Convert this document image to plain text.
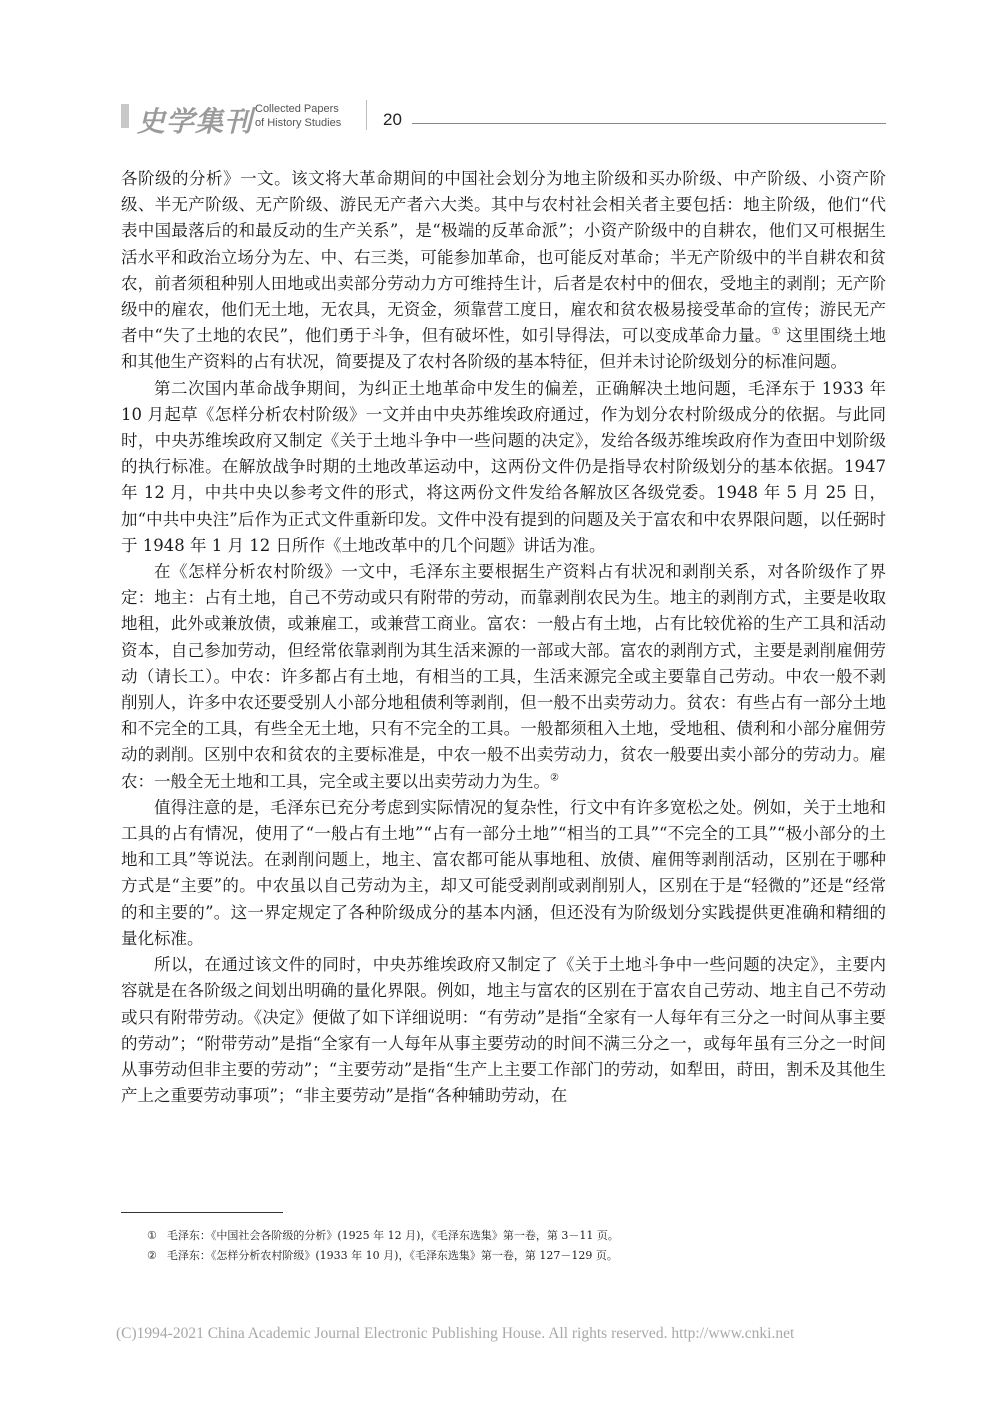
史学集刊 Collected Papers
of History Studies 20

各阶级的分析》一文。该文将大革命期间的中国社会划分为地主阶级和买办阶级、中产阶级、小资产阶级、半无产阶级、无产阶级、游民无产者六大类。其中与农村社会相关者主要包括：地主阶级，他们“代表中国最落后的和最反动的生产关系”，是“极端的反革命派”；小资产阶级中的自耕农，他们又可根据生活水平和政治立场分为左、中、右三类，可能参加革命，也可能反对革命；半无产阶级中的半自耕农和贫农，前者须租种别人田地或出卖部分劳动力方可维持生计，后者是农村中的佃农，受地主的剥削；无产阶级中的雇农，他们无土地，无农具，无资金，须靠营工度日，雇农和贫农极易接受革命的宣传；游民无产者中“失了土地的农民”，他们勇于斗争，但有破坏性，如引导得法，可以变成革命力量。① 这里围绕土地和其他生产资料的占有状况，简要提及了农村各阶级的基本特征，但并未讨论阶级划分的标准问题。

第二次国内革命战争期间，为纠正土地革命中发生的偏差，正确解决土地问题，毛泽东于 1933 年 10 月起草《怎样分析农村阶级》一文并由中央苏维埃政府通过，作为划分农村阶级成分的依据。与此同时，中央苏维埃政府又制定《关于土地斗争中一些问题的决定》，发给各级苏维埃政府作为查田中划阶级的执行标准。在解放战争时期的土地改革运动中，这两份文件仍是指导农村阶级划分的基本依据。1947 年 12 月，中共中央以参考文件的形式，将这两份文件发给各解放区各级党委。1948 年 5 月 25 日，加“中共中央注”后作为正式文件重新印发。文件中没有提到的问题及关于富农和中农界限问题，以任弼时于 1948 年 1 月 12 日所作《土地改革中的几个问题》讲话为准。

在《怎样分析农村阶级》一文中，毛泽东主要根据生产资料占有状况和剥削关系，对各阶级作了界定：地主：占有土地，自己不劳动或只有附带的劳动，而靠剥削农民为生。地主的剥削方式，主要是收取地租，此外或兼放债，或兼雇工，或兼营工商业。富农：一般占有土地，占有比较优裕的生产工具和活动资本，自己参加劳动，但经常依靠剥削为其生活来源的一部或大部。富农的剥削方式，主要是剥削雇佣劳动（请长工）。中农：许多都占有土地，有相当的工具，生活来源完全或主要靠自己劳动。中农一般不剥削别人，许多中农还要受别人小部分地租债利等剥削，但一般不出卖劳动力。贫农：有些占有一部分土地和不完全的工具，有些全无土地，只有不完全的工具。一般都须租入土地，受地租、债利和小部分雇佣劳动的剥削。区别中农和贫农的主要标准是，中农一般不出卖劳动力，贫农一般要出卖小部分的劳动力。雇农：一般全无土地和工具，完全或主要以出卖劳动力为生。②

值得注意的是，毛泽东已充分考虑到实际情况的复杂性，行文中有许多宽松之处。例如，关于土地和工具的占有情况，使用了“一般占有土地”“占有一部分土地”“相当的工具”“不完全的工具”“极小部分的土地和工具”等说法。在剥削问题上，地主、富农都可能从事地租、放债、雇佣等剥削活动，区别在于哪种方式是“主要”的。中农虽以自己劳动为主，却又可能受剥削或剥削别人，区别在于是“轻微的”还是“经常的和主要的”。这一界定规定了各种阶级成分的基本内涵，但还没有为阶级划分实践提供更准确和精细的量化标准。

所以，在通过该文件的同时，中央苏维埃政府又制定了《关于土地斗争中一些问题的决定》，主要内容就是在各阶级之间划出明确的量化界限。例如，地主与富农的区别在于富农自己劳动、地主自己不劳动或只有附带劳动。《决定》便做了如下详细说明：“有劳动”是指“全家有一人每年有三分之一时间从事主要的劳动”；“附带劳动”是指“全家有一人每年从事主要劳动的时间不满三分之一，或每年虽有三分之一时间从事劳动但非主要的劳动”；“主要劳动”是指“生产上主要工作部门的劳动，如犁田，莳田，割禾及其他生产上之重要劳动事项”；“非主要劳动”是指“各种辅助劳动，在

① 毛泽东：《中国社会各阶级的分析》(1925 年 12 月)，《毛泽东选集》第一卷，第 3－11 页。
② 毛泽东：《怎样分析农村阶级》(1933 年 10 月)，《毛泽东选集》第一卷，第 127－129 页。
(C)1994-2021 China Academic Journal Electronic Publishing House. All rights reserved. http://www.cnki.net
